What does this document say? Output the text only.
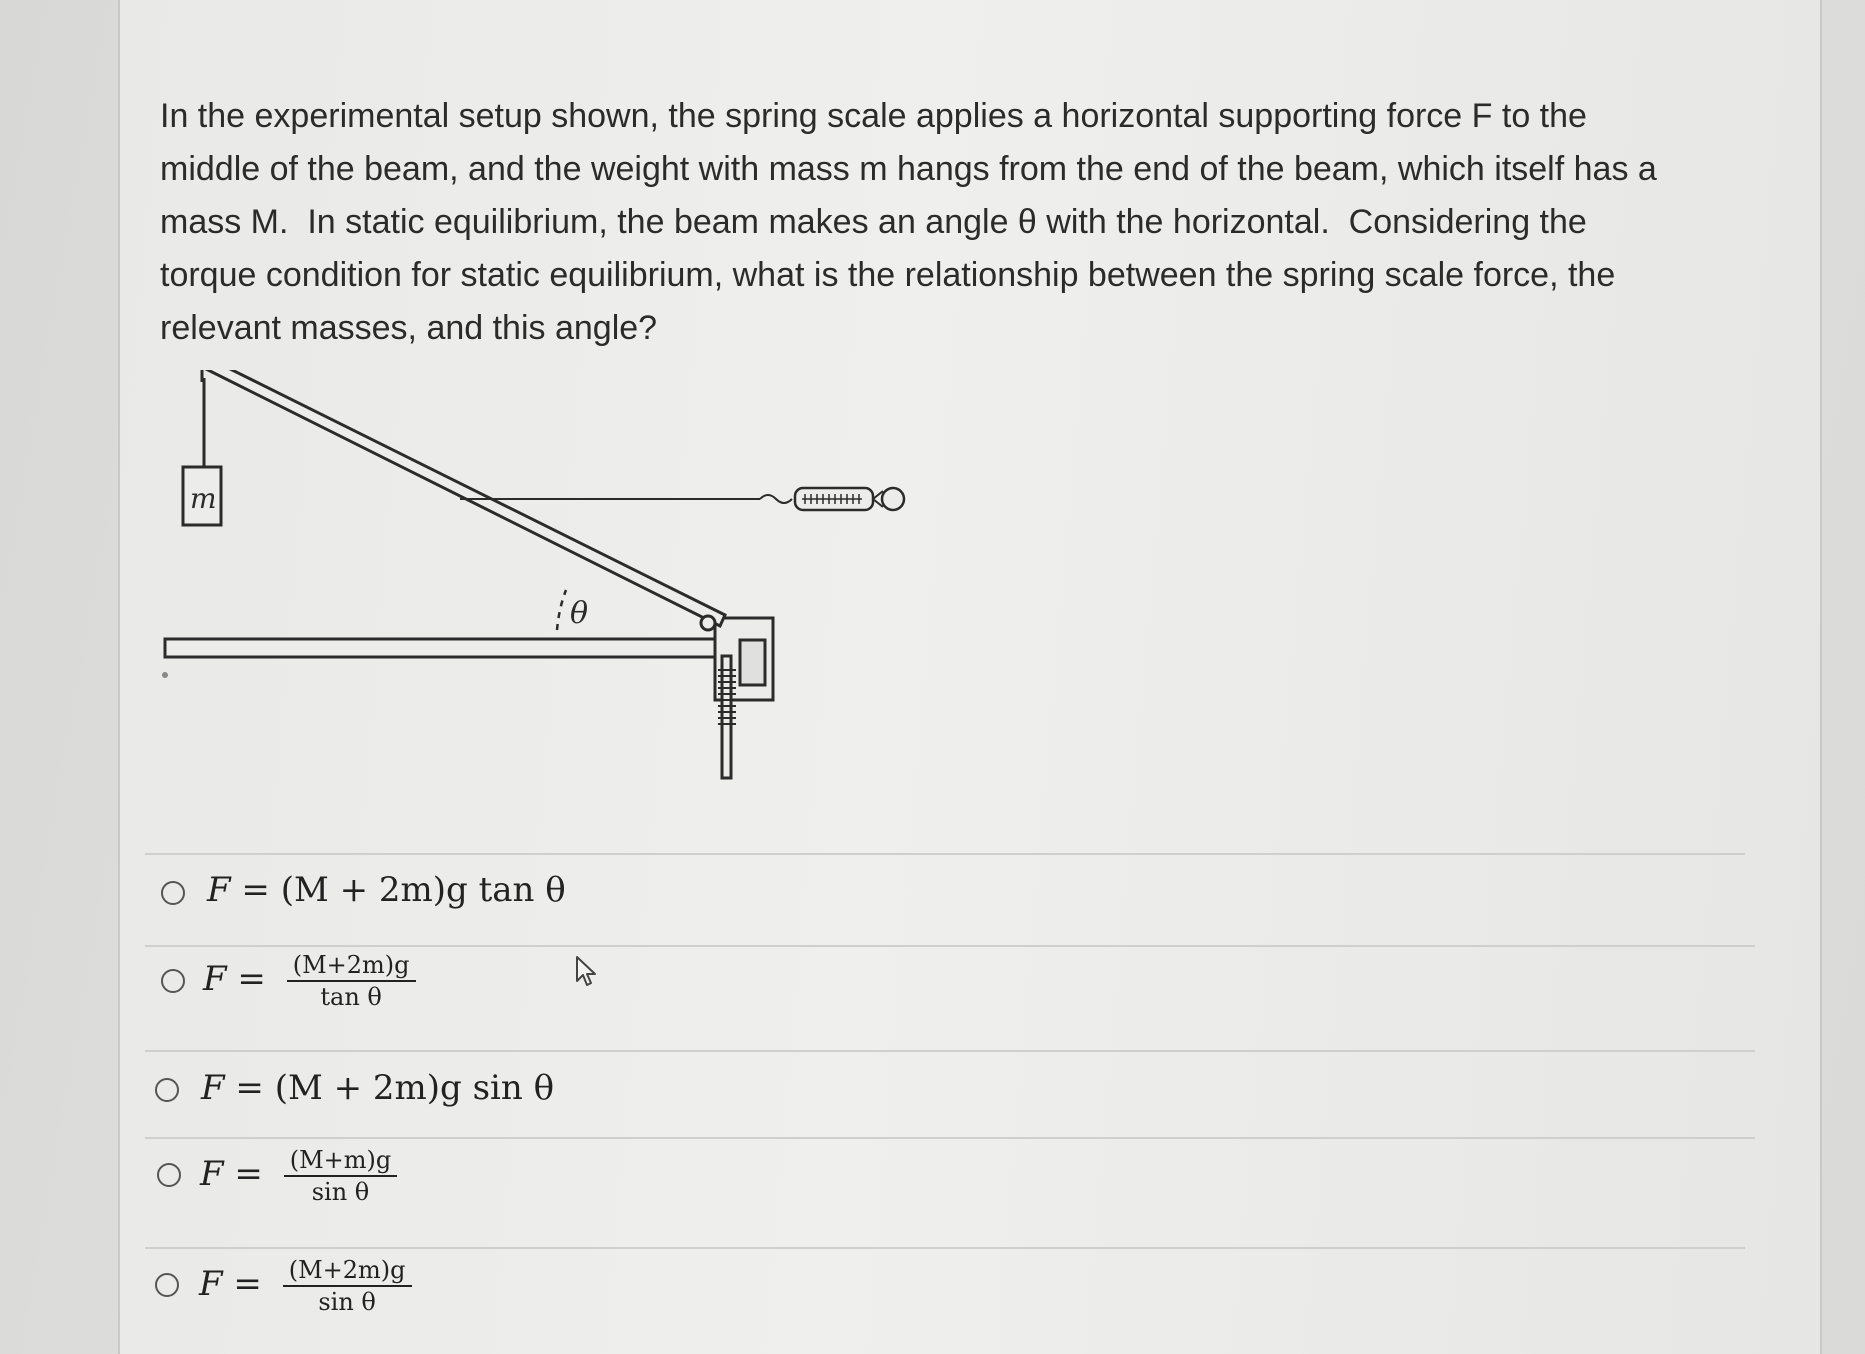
In the experimental setup shown, the spring scale applies a horizontal supporting force F to the
middle of the beam, and the weight with mass m hangs from the end of the beam, which itself has a
mass M.  In static equilibrium, the beam makes an angle θ with the horizontal.  Considering the
torque condition for static equilibrium, what is the relationship between the spring scale force, the
relevant masses, and this angle?

m
θ
F = (M + 2m)g tan θ
$F = \frac{(M+2m)g}{\text{tan θ}}$
F = (M + 2m)g sin θ
$F = \frac{(M+m)g}{\text{sin θ}}$
$F = \frac{(M+2m)g}{\text{sin θ}}$
